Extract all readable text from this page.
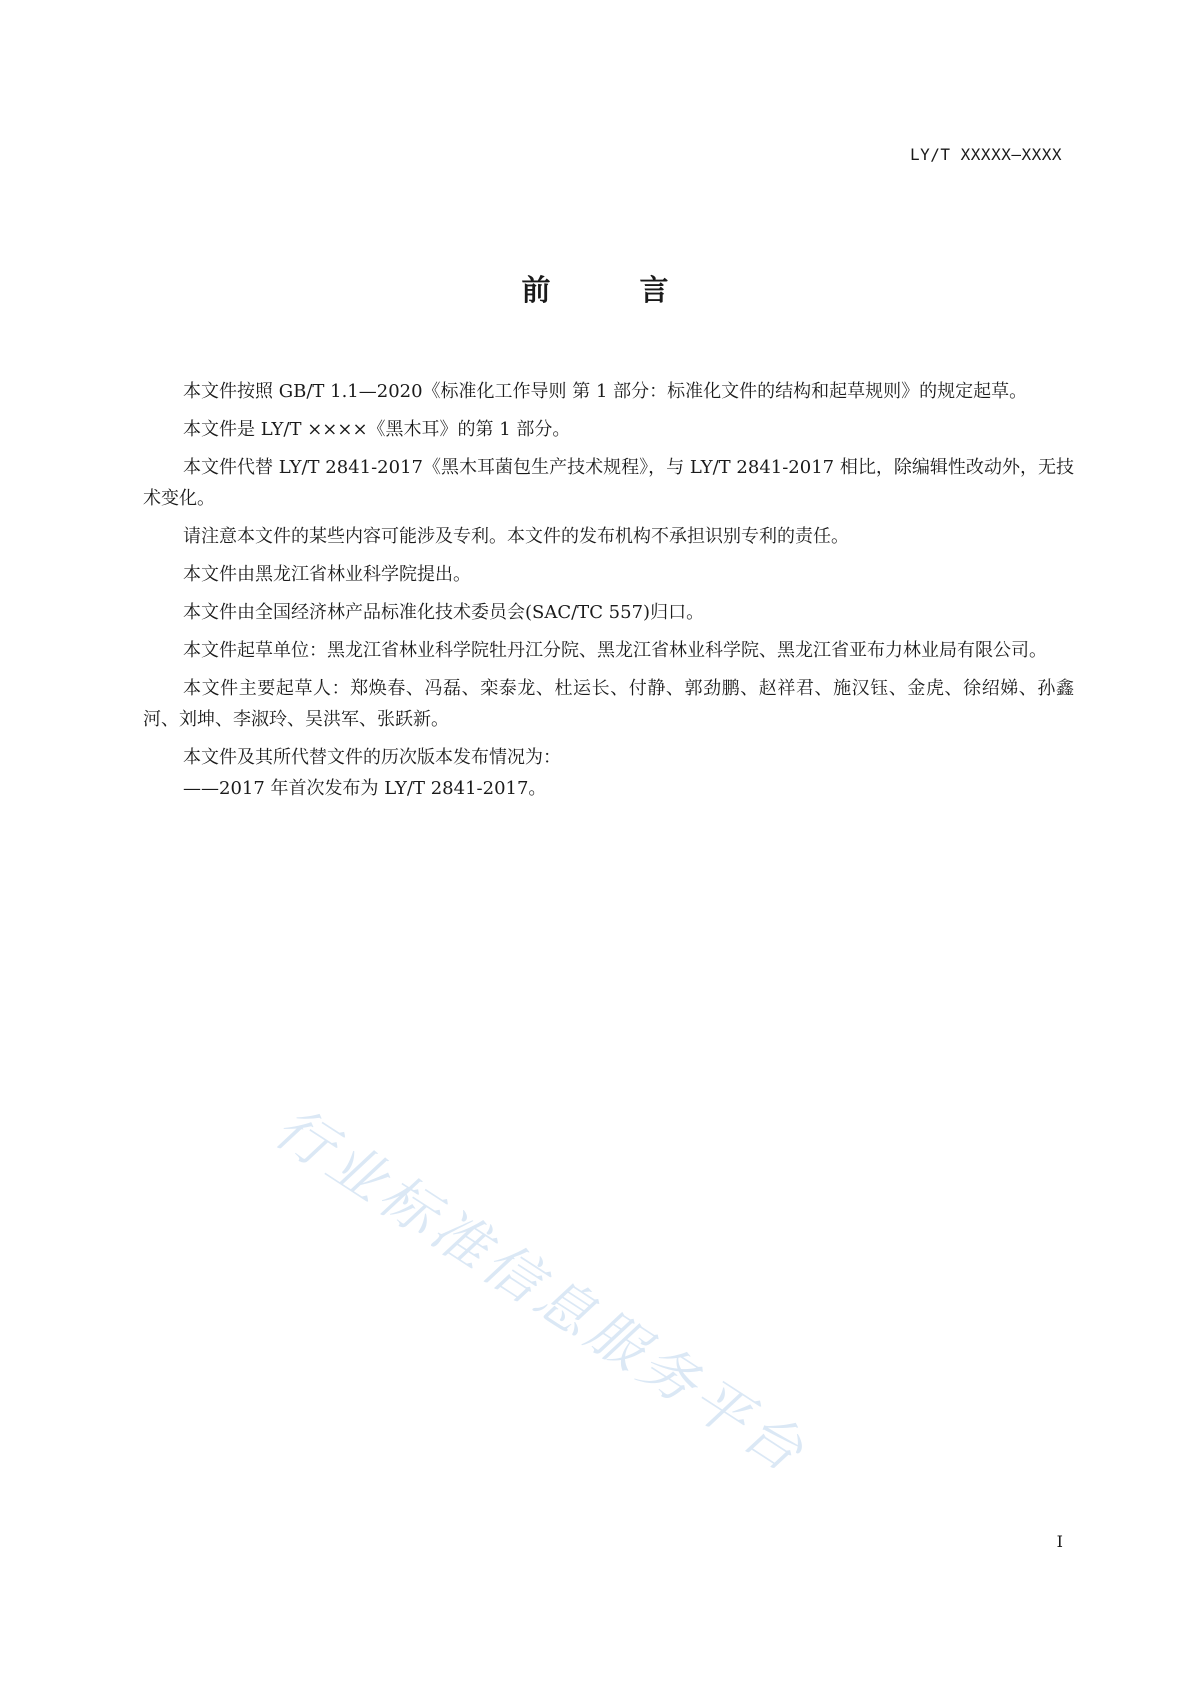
LY/T XXXXX—XXXX
前　言

本文件按照 GB/T 1.1—2020《标准化工作导则 第 1 部分：标准化文件的结构和起草规则》的规定起草。

本文件是 LY/T ××××《黑木耳》的第 1 部分。

本文件代替 LY/T 2841-2017《黑木耳菌包生产技术规程》，与 LY/T 2841-2017 相比，除编辑性改动外，无技术变化。

请注意本文件的某些内容可能涉及专利。本文件的发布机构不承担识别专利的责任。

本文件由黑龙江省林业科学院提出。

本文件由全国经济林产品标准化技术委员会(SAC/TC 557)归口。

本文件起草单位：黑龙江省林业科学院牡丹江分院、黑龙江省林业科学院、黑龙江省亚布力林业局有限公司。

本文件主要起草人：郑焕春、冯磊、栾泰龙、杜运长、付静、郭劲鹏、赵祥君、施汉钰、金虎、徐绍娣、孙鑫河、刘坤、李淑玲、吴洪军、张跃新。

本文件及其所代替文件的历次版本发布情况为：

——2017 年首次发布为 LY/T 2841-2017。

行业标准信息服务平台
I
